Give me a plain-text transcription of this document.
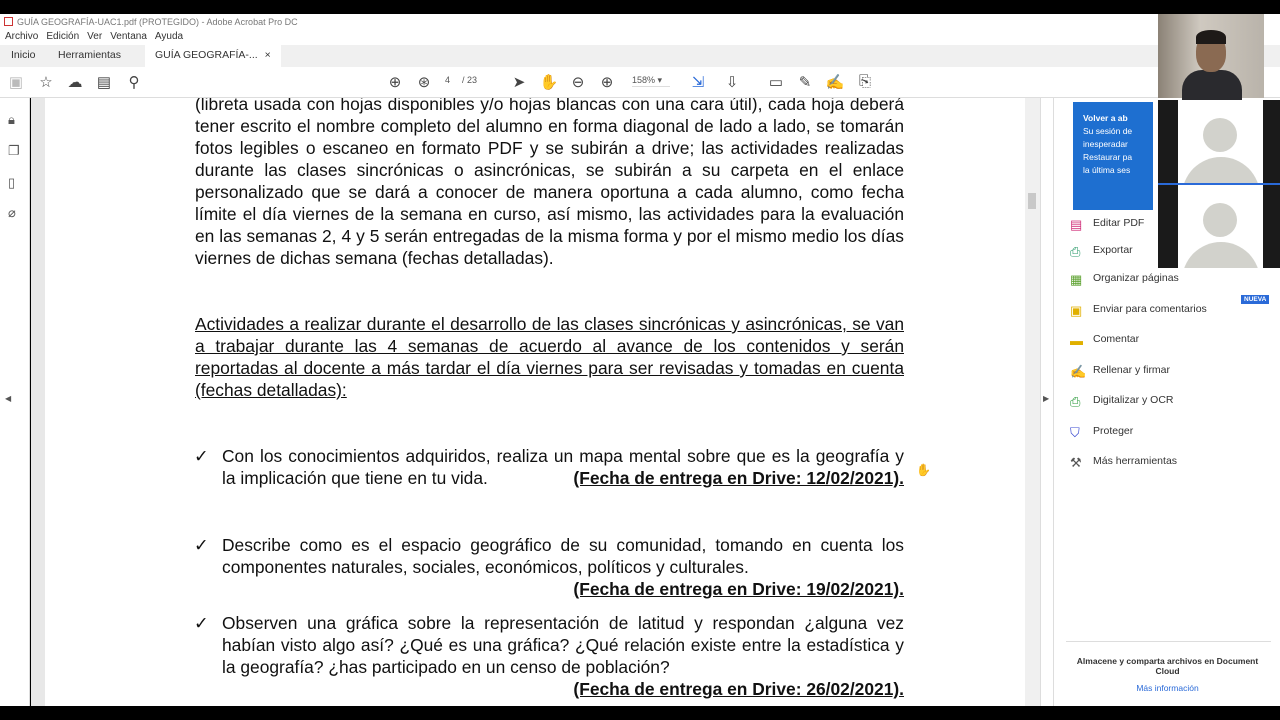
GUÍA GEOGRAFÍA-UAC1.pdf (PROTEGIDO) - Adobe Acrobat Pro DC
Archivo Edición Ver Ventana Ayuda
Inicio Herramientas	GUÍA GEOGRAFÍA-... ×
▣ ☆ ☁ ▤	⚲	⊕ ⊛	4 / 23 ➤ ✋ ⊖ ⊕	158% ▾	⇲ ⇩ ▭ ✎ ✍ ⎘
🔒︎
❐
▯
⌀
◀
(libreta usada con hojas disponibles y/o hojas blancas con una cara útil), cada hoja deberá tener escrito el nombre completo del alumno en forma diagonal de lado a lado, se tomarán fotos legibles o escaneo en formato PDF y se subirán a drive; las actividades realizadas durante las clases sincrónicas o asincrónicas, se subirán a su carpeta en el enlace personalizado que se dará a conocer de manera oportuna a cada alumno, como fecha límite el día viernes de la semana en curso, así mismo, las actividades para la evaluación en las semanas 2, 4 y 5 serán entregadas de la misma forma y por el mismo medio los días viernes de dichas semana (fechas detalladas).
Actividades a realizar durante el desarrollo de las clases sincrónicas y asincrónicas, se van a trabajar durante las 4 semanas de acuerdo al avance de los contenidos y serán reportadas al docente a más tardar el día viernes para ser revisadas y tomadas en cuenta (fechas detalladas):
✓ Con los conocimientos adquiridos, realiza un mapa mental sobre que es la geografía y la implicación que tiene en tu vida.	(Fecha de entrega en Drive: 12/02/2021).
✓ Describe como es el espacio geográfico de su comunidad, tomando en cuenta los componentes naturales, sociales, económicos, políticos y culturales.
(Fecha de entrega en Drive: 19/02/2021).
✓ Observen una gráfica sobre la representación de latitud y respondan ¿alguna vez habían visto algo así? ¿Qué es una gráfica? ¿Qué relación existe entre la estadística y la geografía? ¿has participado en un censo de población?
(Fecha de entrega en Drive: 26/02/2021).
✋
▶
Volver a ab
Su sesión de
inesperadar
Restaurar pa
la última ses
▤ Editar PDF
⎙ Exportar
▦ Organizar páginas
▣ Enviar para comentarios
NUEVA
▬ Comentar
✍ Rellenar y firmar
⎙ Digitalizar y OCR
⛉ Proteger
⚒ Más herramientas
Almacene y comparta archivos en Document Cloud
Más información
